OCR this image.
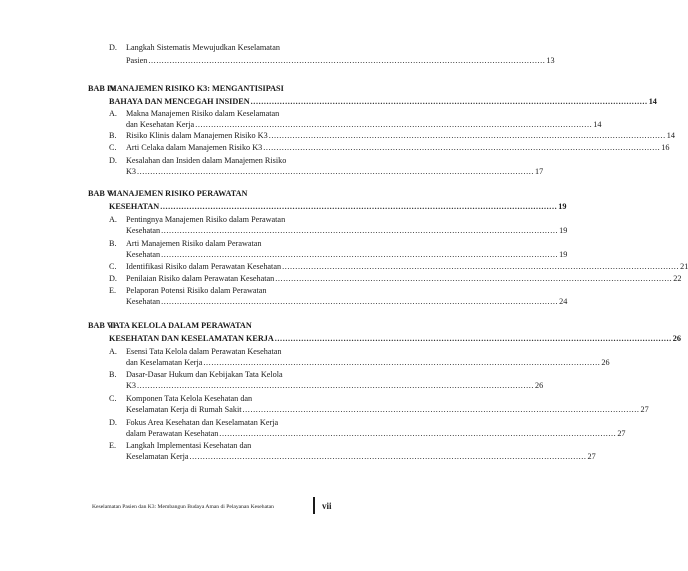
D. Langkah Sistematis Mewujudkan Keselamatan
Pasien ...................................................................................................................................................... 13
BAB IV
MANAJEMEN RISIKO K3: MENGANTISIPASI
BAHAYA DAN MENCEGAH INSIDEN ...................................................................................................................................................... 14
A. Makna Manajemen Risiko dalam Keselamatan
dan Kesehatan Kerja ...................................................................................................................................................... 14
B. Risiko Klinis dalam Manajemen Risiko K3 ...................................................................................................................................................... 14
C. Arti Celaka dalam Manajemen Risiko K3 ...................................................................................................................................................... 16
D. Kesalahan dan Insiden dalam Manajemen Risiko
K3 ...................................................................................................................................................... 17
BAB V
MANAJEMEN RISIKO PERAWATAN
KESEHATAN ...................................................................................................................................................... 19
A. Pentingnya Manajemen Risiko dalam Perawatan
Kesehatan ...................................................................................................................................................... 19
B. Arti Manajemen Risiko dalam Perawatan
Kesehatan ...................................................................................................................................................... 19
C. Identifikasi Risiko dalam Perawatan Kesehatan ...................................................................................................................................................... 21
D. Penilaian Risiko dalam Perawatan Kesehatan ...................................................................................................................................................... 22
E. Pelaporan Potensi Risiko dalam Perawatan
Kesehatan ...................................................................................................................................................... 24
BAB VI
TATA KELOLA DALAM PERAWATAN
KESEHATAN DAN KESELAMATAN KERJA ...................................................................................................................................................... 26
A. Esensi Tata Kelola dalam Perawatan Kesehatan
dan Keselamatan Kerja ...................................................................................................................................................... 26
B. Dasar-Dasar Hukum dan Kebijakan Tata Kelola
K3 ...................................................................................................................................................... 26
C. Komponen Tata Kelola Kesehatan dan
Keselamatan Kerja di Rumah Sakit ...................................................................................................................................................... 27
D. Fokus Area Kesehatan dan Keselamatan Kerja
dalam Perawatan Kesehatan ...................................................................................................................................................... 27
E. Langkah Implementasi Kesehatan dan
Keselamatan Kerja ...................................................................................................................................................... 27
Keselamatan Pasien dan K3: Membangun Budaya Aman di Pelayanan Kesehatan	vii
